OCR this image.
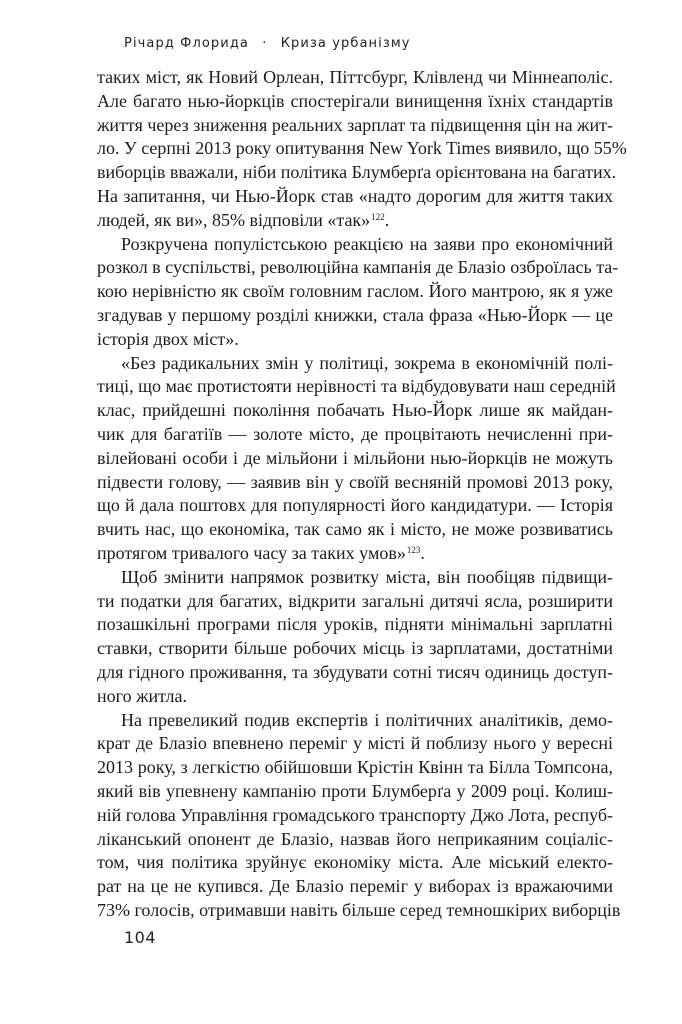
Річард Флорида · Криза урбанізму
таких міст, як Новий Орлеан, Піттсбург, Клівленд чи Міннеаполіс.
Але багато нью-йоркців спостерігали винищення їхніх стандартів
життя через зниження реальних зарплат та підвищення цін на жит-
ло. У серпні 2013 року опитування New York Times виявило, що 55%
виборців вважали, ніби політика Блумберґа орієнтована на багатих.
На запитання, чи Нью-Йорк став «надто дорогим для життя таких
людей, як ви», 85% відповіли «так»$^{122}$.
Розкручена популістською реакцією на заяви про економічний
розкол в суспільстві, революційна кампанія де Блазіо озброїлась та-
кою нерівністю як своїм головним гаслом. Його мантрою, як я уже
згадував у першому розділі книжки, стала фраза «Нью-Йорк — це
історія двох міст».
«Без радикальних змін у політиці, зокрема в економічній полі-
тиці, що має протистояти нерівності та відбудовувати наш середній
клас, прийдешні покоління побачать Нью-Йорк лише як майдан-
чик для багатіїв — золоте місто, де процвітають нечисленні при-
вілейовані особи і де мільйони і мільйони нью-йоркців не можуть
підвести голову, — заявив він у своїй весняній промові 2013 року,
що й дала поштовх для популярності його кандидатури. — Історія
вчить нас, що економіка, так само як і місто, не може розвиватись
протягом тривалого часу за таких умов»$^{123}$.
Щоб змінити напрямок розвитку міста, він пообіцяв підвищи-
ти податки для багатих, відкрити загальні дитячі ясла, розширити
позашкільні програми після уроків, підняти мінімальні зарплатні
ставки, створити більше робочих місць із зарплатами, достатніми
для гідного проживання, та збудувати сотні тисяч одиниць доступ-
ного житла.
На превеликий подив експертів і політичних аналітиків, демо-
крат де Блазіо впевнено переміг у місті й поблизу нього у вересні
2013 року, з легкістю обійшовши Крістін Квінн та Білла Томпсона,
який вів упевнену кампанію проти Блумберґа у 2009 році. Колиш-
ній голова Управління громадського транспорту Джо Лота, респуб-
ліканський опонент де Блазіо, назвав його неприкаяним соціаліс-
том, чия політика зруйнує економіку міста. Але міський електо-
рат на це не купився. Де Блазіо переміг у виборах із вражаючими
73% голосів, отримавши навіть більше серед темношкірих виборців
104
